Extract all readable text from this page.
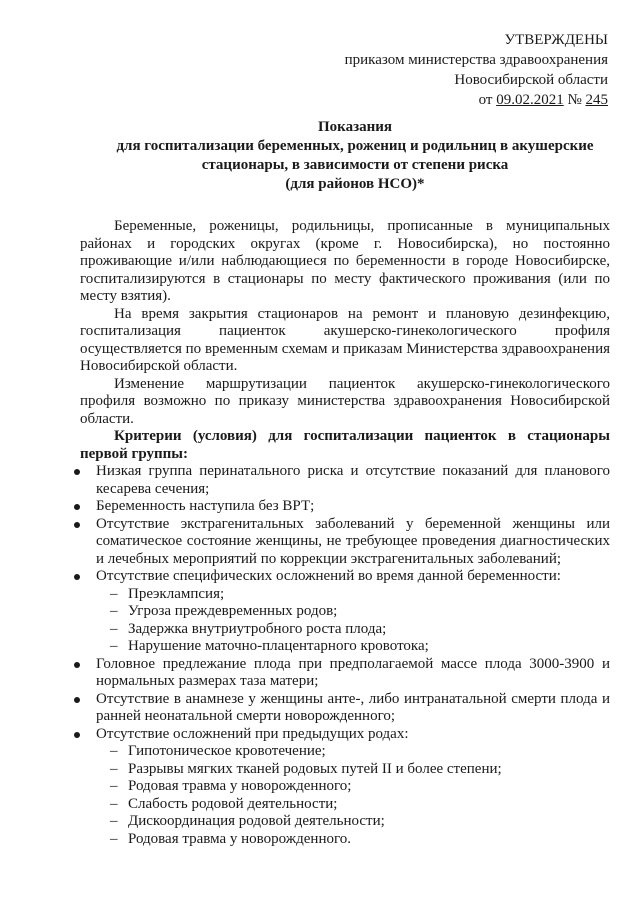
УТВЕРЖДЕНЫ
приказом министерства здравоохранения
Новосибирской области
от 09.02.2021 № 245
Показания
для госпитализации беременных, рожениц и родильниц в акушерские
стационары, в зависимости от степени риска
(для районов НСО)*

Беременные, роженицы, родильницы, прописанные в муниципальных районах и городских округах (кроме г. Новосибирска), но постоянно проживающие и/или наблюдающиеся по беременности в городе Новосибирске, госпитализируются в стационары по месту фактического проживания (или по месту взятия).

На время закрытия стационаров на ремонт и плановую дезинфекцию, госпитализация пациенток акушерско-гинекологического профиля осуществляется по временным схемам и приказам Министерства здравоохранения Новосибирской области.

Изменение маршрутизации пациенток акушерско-гинекологического профиля возможно по приказу министерства здравоохранения Новосибирской области.

Критерии (условия) для госпитализации пациенток в стационары первой группы:

Низкая группа перинатального риска и отсутствие показаний для планового кесарева сечения;
Беременность наступила без ВРТ;
Отсутствие экстрагенитальных заболеваний у беременной женщины или соматическое состояние женщины, не требующее проведения диагностических и лечебных мероприятий по коррекции экстрагенитальных заболеваний;
Отсутствие специфических осложнений во время данной беременности:
– Преэклампсия;
– Угроза преждевременных родов;
– Задержка внутриутробного роста плода;
– Нарушение маточно-плацентарного кровотока;
Головное предлежание плода при предполагаемой массе плода 3000-3900 и нормальных размерах таза матери;
Отсутствие в анамнезе у женщины анте-, либо интранатальной смерти плода и ранней неонатальной смерти новорожденного;
Отсутствие осложнений при предыдущих родах:
– Гипотоническое кровотечение;
– Разрывы мягких тканей родовых путей II и более степени;
– Родовая травма у новорожденного;
– Слабость родовой деятельности;
– Дискоординация родовой деятельности;
– Родовая травма у новорожденного.
